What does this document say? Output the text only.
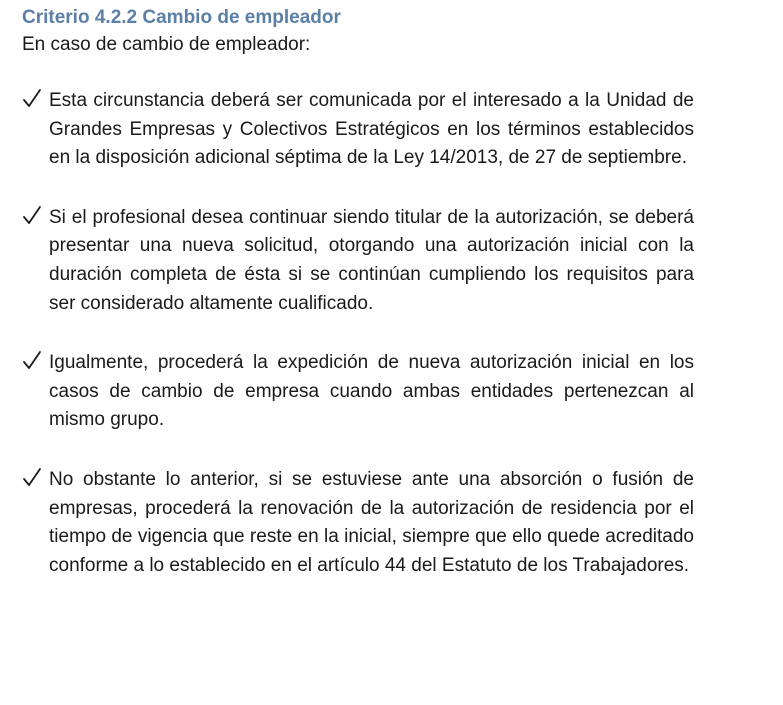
Criterio 4.2.2 Cambio de empleador

En caso de cambio de empleador:

Esta circunstancia deberá ser comunicada por el interesado a la Unidad de Grandes Empresas y Colectivos Estratégicos en los términos establecidos en la disposición adicional séptima de la Ley 14/2013, de 27 de septiembre.
Si el profesional desea continuar siendo titular de la autorización, se deberá presentar una nueva solicitud, otorgando una autorización inicial con la duración completa de ésta si se continúan cumpliendo los requisitos para ser considerado altamente cualificado.
Igualmente, procederá la expedición de nueva autorización inicial en los casos de cambio de empresa cuando ambas entidades pertenezcan al mismo grupo.
No obstante lo anterior, si se estuviese ante una absorción o fusión de empresas, procederá la renovación de la autorización de residencia por el tiempo de vigencia que reste en la inicial, siempre que ello quede acreditado conforme a lo establecido en el artículo 44 del Estatuto de los Trabajadores.
